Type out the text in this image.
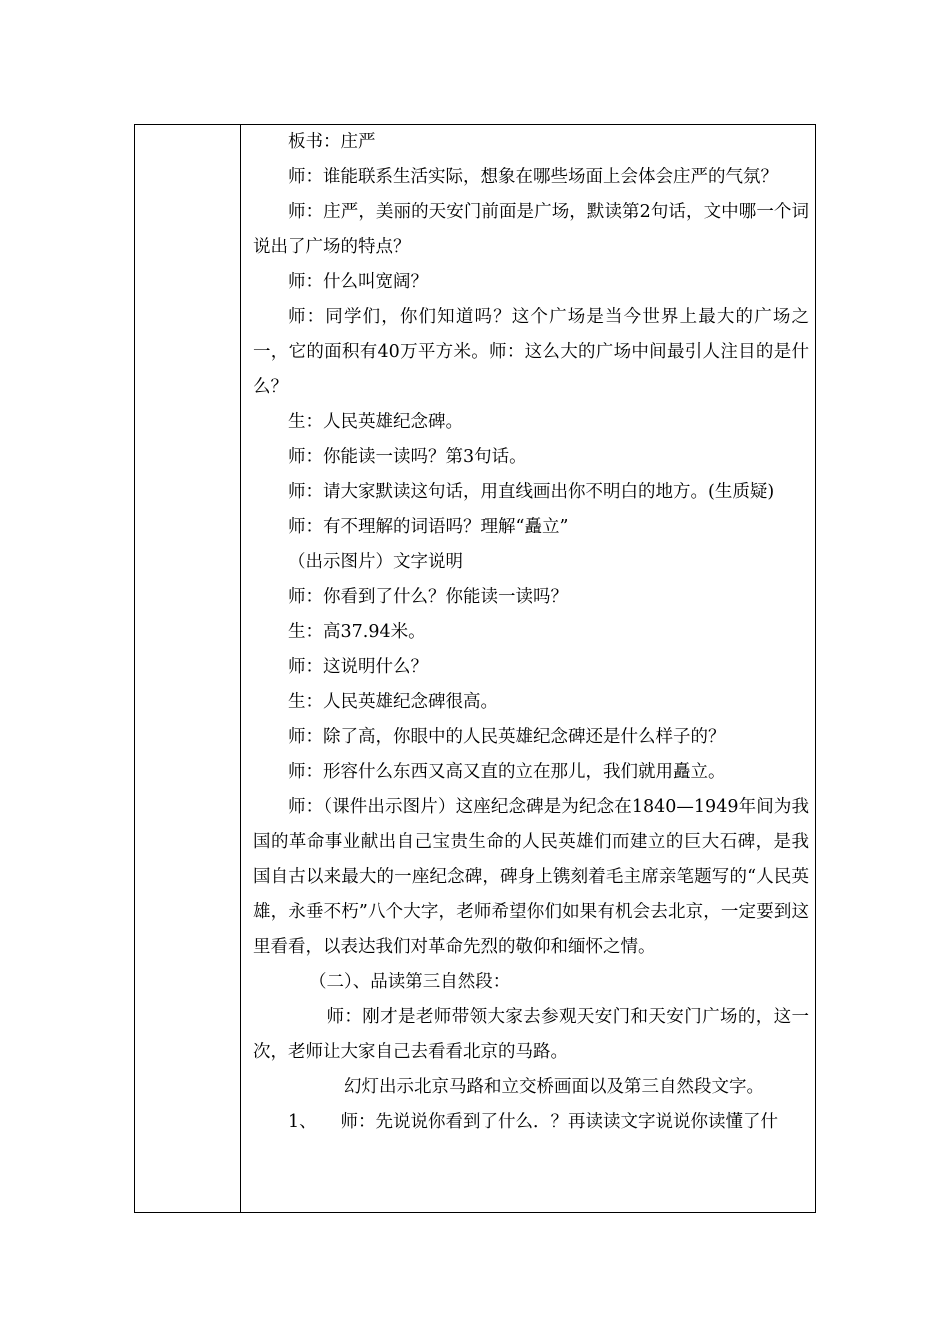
板书：庄严

师：谁能联系生活实际，想象在哪些场面上会体会庄严的气氛？

师：庄严，美丽的天安门前面是广场，默读第2句话，文中哪一个词说出了广场的特点？

师：什么叫宽阔？

师：同学们，你们知道吗？这个广场是当今世界上最大的广场之一，它的面积有40万平方米。师：这么大的广场中间最引人注目的是什么？

生：人民英雄纪念碑。

师：你能读一读吗？第3句话。

师：请大家默读这句话，用直线画出你不明白的地方。(生质疑)

师：有不理解的词语吗？理解“矗立”

（出示图片）文字说明

师：你看到了什么？你能读一读吗？

生：高37.94米。

师：这说明什么？

生：人民英雄纪念碑很高。

师：除了高，你眼中的人民英雄纪念碑还是什么样子的？

师：形容什么东西又高又直的立在那儿，我们就用矗立。

师：（课件出示图片）这座纪念碑是为纪念在1840—1949年间为我国的革命事业献出自己宝贵生命的人民英雄们而建立的巨大石碑，是我国自古以来最大的一座纪念碑，碑身上镌刻着毛主席亲笔题写的“人民英雄，永垂不朽”八个大字，老师希望你们如果有机会去北京，一定要到这里看看，以表达我们对革命先烈的敬仰和缅怀之情。

（二）、品读第三自然段：

师：刚才是老师带领大家去参观天安门和天安门广场的，这一次，老师让大家自己去看看北京的马路。

幻灯出示北京马路和立交桥画面以及第三自然段文字。

1、 师：先说说你看到了什么．？再读读文字说说你读懂了什
